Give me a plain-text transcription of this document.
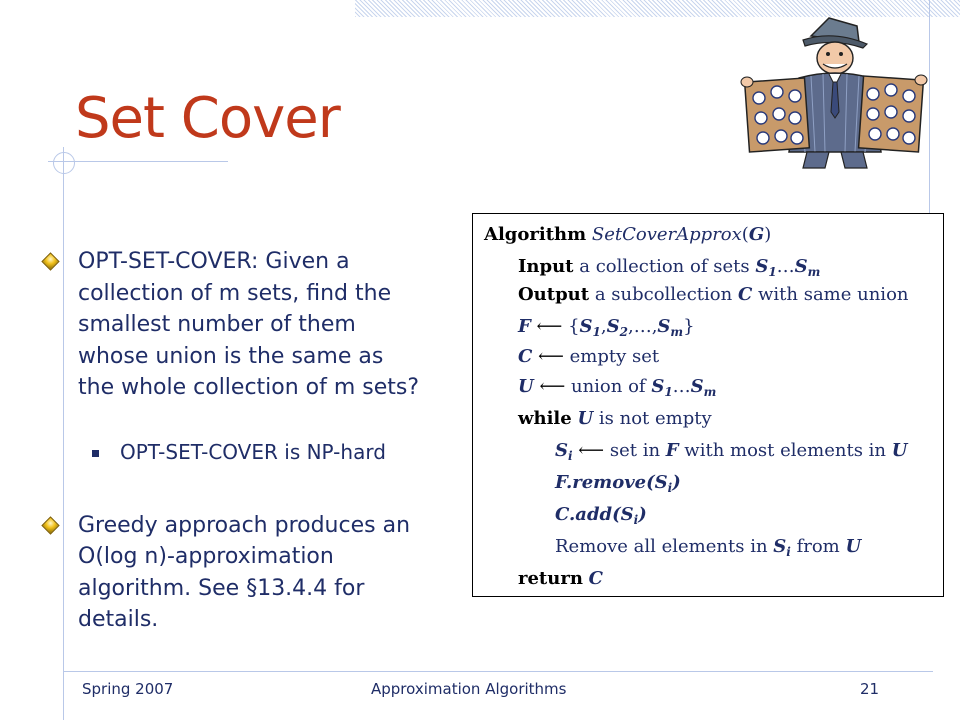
Set Cover
OPT-SET-COVER: Given a
collection of m sets, find the
smallest number of them
whose union is the same as
the whole collection of m sets?
OPT-SET-COVER is NP-hard
Greedy approach produces an
O(log n)-approximation
algorithm. See §13.4.4 for
details.
Algorithm SetCoverApprox(G)
Input a collection of sets $S_1\dots S_m$
Output a subcollection C with same union
F ⟵ $\{S_1,S_2,\dots,S_m\}$
C ⟵ empty set
U ⟵ union of $S_1\dots S_m$
while U is not empty
$S_i$ ⟵ set in F with most elements in U
$F.remove(S_i)$
$C.add(S_i)$
Remove all elements in $S_i$ from U
return C
Spring 2007	Approximation Algorithms	21
